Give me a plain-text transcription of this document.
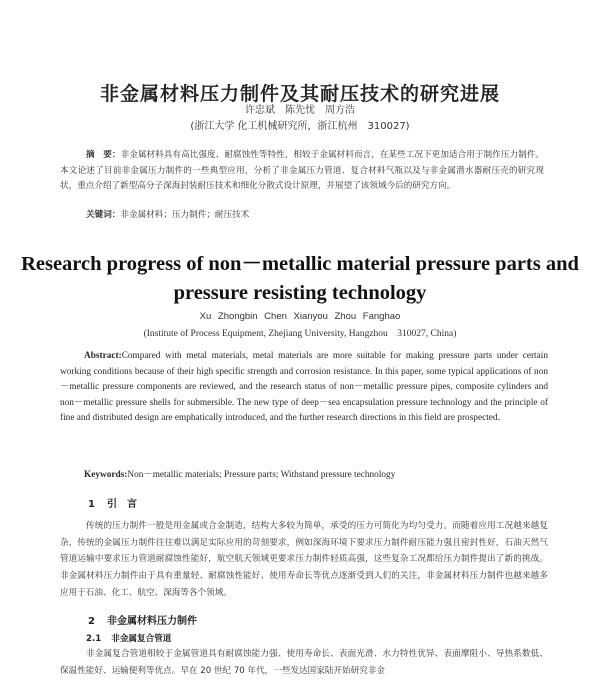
非金属材料压力制件及其耐压技术的研究进展
许忠斌　陈先忧　周方浩
(浙江大学 化工机械研究所，浙江杭州　310027)

摘　要：非金属材料具有高比强度、耐腐蚀性等特性，相较于金属材料而言，在某些工况下更加适合用于制作压力制件。本文论述了目前非金属压力制件的一些典型应用，分析了非金属压力管道、复合材料气瓶以及与非金属潜水器耐压壳的研究现状，重点介绍了新型高分子深海封装耐压技术和细化分散式设计原理，并展望了该领域今后的研究方向。

关键词：非金属材料；压力制件；耐压技术

Research progress of non－metallic material pressure parts and pressure resisting technology
Xu Zhongbin Chen Xianyou Zhou Fanghao
(Institute of Process Equipment, Zhejiang University, Hangzhou　310027, China)

Abstract:Compared with metal materials, metal materials are more suitable for making pressure parts under certain working conditions because of their high specific strength and corrosion resistance. In this paper, some typical applications of non－metallic pressure components are reviewed, and the research status of non－metallic pressure pipes, composite cylinders and non－metallic pressure shells for submersible. The new type of deep－sea encapsulation pressure technology and the principle of fine and distributed design are emphatically introduced, and the further research directions in this field are prospected.

Keywords:Non－metallic materials; Pressure parts; Withstand pressure technology

1 引　言

传统的压力制件一般是用金属或合金制造，结构大多较为简单，承受的压力可简化为均匀受力。而随着应用工况越来越复杂，传统的金属压力制件往往难以满足实际应用的苛刻要求，例如深海环境下要求压力制件耐压能力强且密封性好，石油天然气管道运输中要求压力管道耐腐蚀性能好，航空航天领域更要求压力制件轻质高强，这些复杂工况都给压力制件提出了新的挑战。非金属材料压力制件由于具有重量轻、耐腐蚀性能好、使用寿命长等优点逐渐受到人们的关注，非金属材料压力制件也越来越多应用于石油、化工、航空、深海等各个领域。

2 非金属材料压力制件
2.1 非金属复合管道

非金属复合管道相较于金属管道具有耐腐蚀能力强、使用寿命长、表面光滑、水力特性优异、表面摩阻小、导热系数低、保温性能好、运输便利等优点。早在 20 世纪 70 年代，一些发达国家陆开始研究非金
